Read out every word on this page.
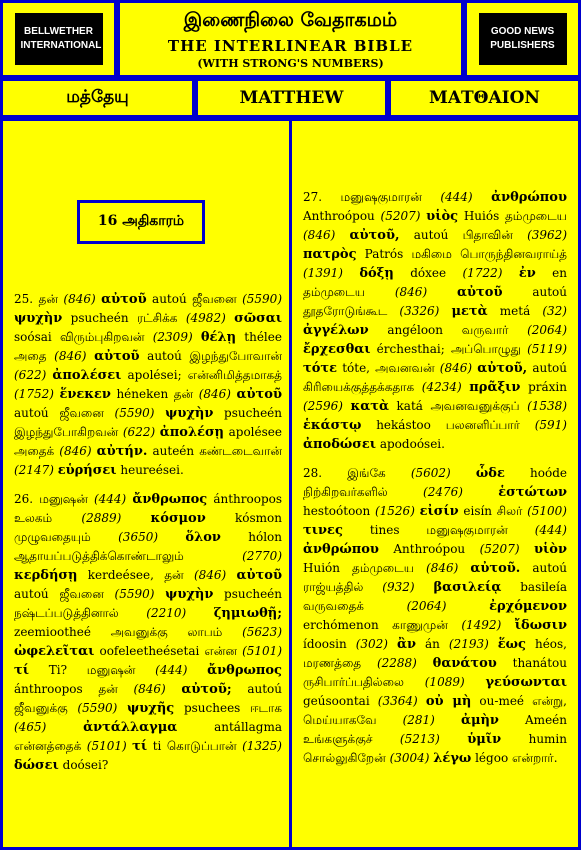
BELLWETHER
INTERNATIONAL
இணைநிலை வேதாகமம்
THE INTERLINEAR BIBLE
(WITH STRONG'S NUMBERS)
GOOD NEWS
PUBLISHERS
மத்தேயு	MATTHEW	ΜΑΤΘΑΙΟΝ
16 அதிகாரம்

25. தன் (846) αὐτοῦ autoú ஜீவனை (5590) ψυχὴν psucheén ரட்சிக்க (4982) σῶσαι soósai விரும்புகிறவன் (2309) θέλῃ thélee அதை (846) αὐτοῦ autoú இழந்துபோவான் (622) ἀπολέσει apolései; என்னிமித்தமாகத் (1752) ἕνεκεν héneken தன் (846) αὐτοῦ autoú ஜீவனை (5590) ψυχὴν psucheén இழந்துபோகிறவன் (622) ἀπολέσῃ apolésee அதைக் (846) αὐτήν. auteén கண்டடைவான் (2147) εὑρήσει heureései.

26. மனுஷன் (444) ἄνθρωπος ánthroopos உலகம் (2889) κόσμον kósmon முழுவதையும் (3650) ὅλον hólon ஆதாயப்படுத்திக்கொண்டாலும் (2770) κερδήσῃ kerdeésee, தன் (846) αὐτοῦ autoú ஜீவனை (5590) ψυχὴν psucheén நஷ்டப்படுத்தினால் (2210) ζημιωθῇ; zeemiootheé அவனுக்கு லாபம் (5623) ὠφελεῖται oofeleetheésetai என்ன (5101) τί Ti? மனுஷன் (444) ἄνθρωπος ánthroopos தன் (846) αὐτοῦ; autoú ஜீவனுக்கு (5590) ψυχῆς psuchees ஈடாக (465)	ἀντάλλαγμα antállagma என்னத்தைக் (5101) τί ti கொடுப்பான் (1325) δώσει doósei?

27. மனுஷகுமாரன் (444) ἀνθρώπου Anthroópou (5207) υἱὸς Huiós தம்முடைய (846) αὐτοῦ, autoú பிதாவின் (3962) πατρὸς Patrós மகிமை பொருந்தினவராய்த் (1391) δόξῃ dóxee (1722) ἐν en தம்முடைய (846) αὐτοῦ autoú தூதரோடுங்கூட (3326) μετὰ metá (32) ἀγγέλων angéloon வருவார் (2064) ἔρχεσθαι érchesthai; அப்பொழுது (5119) τότε tóte, அவனவன் (846) αὐτοῦ, autoú கிரியைக்குத்தக்கதாக (4234) πρᾶξιν práxin (2596) κατὰ katá அவனவனுக்குப் (1538) ἑκάστῳ hekástoo பலனளிப்பார் (591) ἀποδώσει apodoósei.

28. இங்கே (5602) ὧδε hoóde நிற்கிறவர்களில் (2476)	ἑστώτων hestoótoon (1526) εἰσίν eisín சிலர் (5100) τινες tines மனுஷகுமாரன் (444) ἀνθρώπου Anthroópou (5207) υἱὸν Huión தம்முடைய (846) αὐτοῦ. autoú ராஜ்யத்தில் (932) βασιλείᾳ basileía வருவதைக் (2064)	ἐρχόμενον erchómenon காணுமுன் (1492) ἴδωσιν ídoosin (302) ἂν án (2193) ἕως héos, மரணத்தை (2288) θανάτου thanátou ருசிபார்ப்பதில்லை (1089) γεύσωνται geúsoontai (3364) οὐ μὴ ou-meé என்று, மெய்யாகவே (281) ἀμὴν Ameén உங்களுக்குச் (5213) ὑμῖν humin சொல்லுகிறேன் (3004) λέγω légoo என்றார்.
